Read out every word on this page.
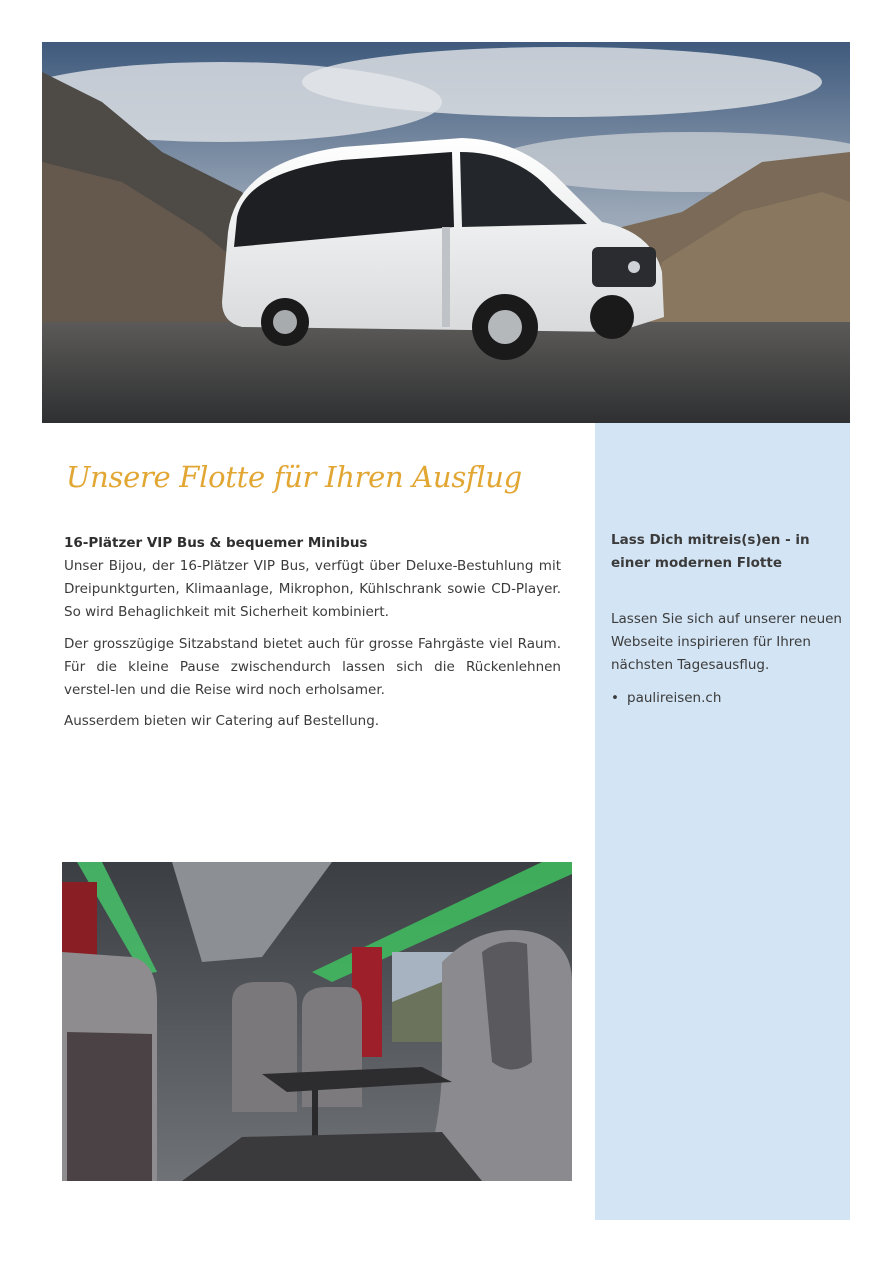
Lass Dich mitreis(s)en - in einer modernen Flotte
Lassen Sie sich auf unserer neuen Webseite inspirieren für Ihren nächsten Tagesausflug.
• paulireisen.ch
Unsere Flotte für Ihren Ausflug
16-Plätzer VIP Bus & bequemer Minibus

Unser Bijou, der 16-Plätzer VIP Bus, verfügt über Deluxe-Bestuhlung mit Dreipunktgurten, Klimaanlage, Mikrophon, Kühlschrank sowie CD-Player. So wird Behaglichkeit mit Sicherheit kombiniert.

Der grosszügige Sitzabstand bietet auch für grosse Fahrgäste viel Raum. Für die kleine Pause zwischendurch lassen sich die Rückenlehnen verstel-len und die Reise wird noch erholsamer.

Ausserdem bieten wir Catering auf Bestellung.
